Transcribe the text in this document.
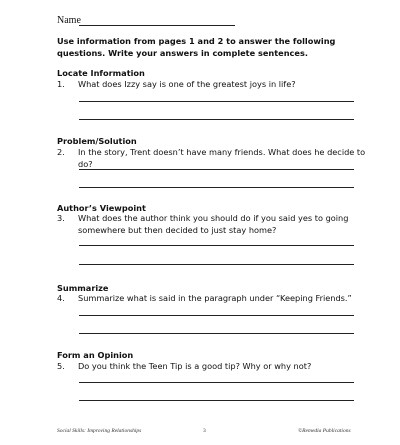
Name
Use information from pages 1 and 2 to answer the following questions. Write your answers in complete sentences.
Locate Information
1. What does Izzy say is one of the greatest joys in life?
Problem/Solution
2. In the story, Trent doesn’t have many friends. What does he decide to do?
Author’s Viewpoint
3. What does the author think you should do if you said yes to going somewhere but then decided to just stay home?
Summarize
4. Summarize what is said in the paragraph under “Keeping Friends.”
Form an Opinion
5. Do you think the Teen Tip is a good tip? Why or why not?
Social Skills: Improving Relationships	3	©Remedia Publications
